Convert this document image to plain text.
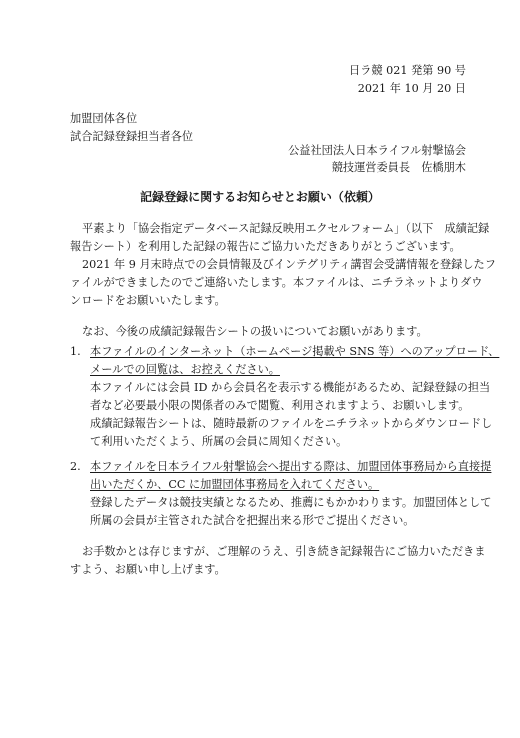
日ラ競 021 発第 90 号
2021 年 10 月 20 日
加盟団体各位
試合記録登録担当者各位
公益社団法人日本ライフル射撃協会
競技運営委員長　佐橋朋木
記録登録に関するお知らせとお願い（依頼）
平素より「協会指定データベース記録反映用エクセルフォーム」（以下　成績記録
報告シート）を利用した記録の報告にご協力いただきありがとうございます。
2021 年 9 月末時点での会員情報及びインテグリティ講習会受講情報を登録したフ
ァイルができましたのでご連絡いたします。本ファイルは、ニチラネットよりダウ
ンロードをお願いいたします。
なお、今後の成績記録報告シートの扱いについてお願いがあります。
1. 本ファイルのインターネット（ホームページ掲載や SNS 等）へのアップロード、
メールでの回覧は、お控えください。
本ファイルには会員 ID から会員名を表示する機能があるため、記録登録の担当
者など必要最小限の関係者のみで閲覧、利用されますよう、お願いします。
成績記録報告シートは、随時最新のファイルをニチラネットからダウンロードし
て利用いただくよう、所属の会員に周知ください。
2. 本ファイルを日本ライフル射撃協会へ提出する際は、加盟団体事務局から直接提
出いただくか、CC に加盟団体事務局を入れてください。
登録したデータは競技実績となるため、推薦にもかかわります。加盟団体として
所属の会員が主管された試合を把握出来る形でご提出ください。
お手数かとは存じますが、ご理解のうえ、引き続き記録報告にご協力いただきま
すよう、お願い申し上げます。
